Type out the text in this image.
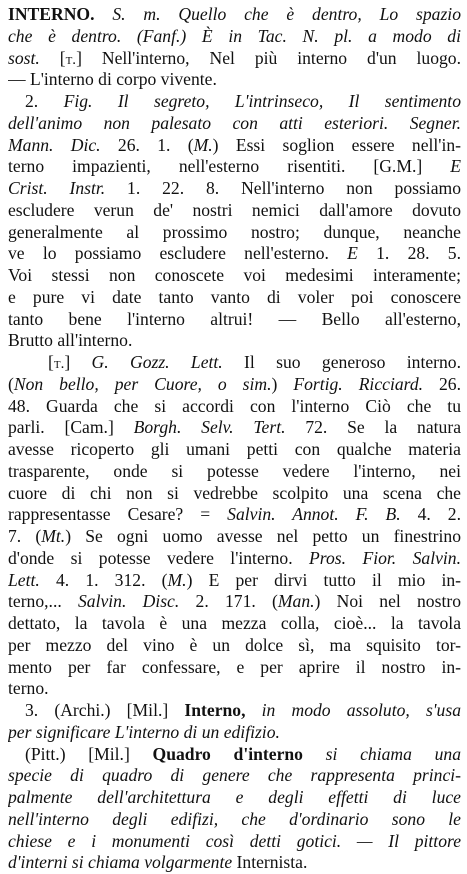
INTERNO. S. m. Quello che è dentro, Lo spazio
che è dentro. (Fanf.) È in Tac. N. pl. a modo di
sost. [t.] Nell'interno, Nel più interno d'un luogo.
— L'interno di corpo vivente.
2. Fig. Il segreto, L'intrinseco, Il sentimento
dell'animo non palesato con atti esteriori. Segner.
Mann. Dic. 26. 1. (M.) Essi soglion essere nell'in-
terno impazienti, nell'esterno risentiti. [G.M.] E
Crist. Instr. 1. 22. 8. Nell'interno non possiamo
escludere verun de' nostri nemici dall'amore dovuto
generalmente al prossimo nostro; dunque, neanche
ve lo possiamo escludere nell'esterno. E 1. 28. 5.
Voi stessi non conoscete voi medesimi interamente;
e pure vi date tanto vanto di voler poi conoscere
tanto bene l'interno altrui! — Bello all'esterno,
Brutto all'interno.
[t.] G. Gozz. Lett. Il suo generoso interno.
(Non bello, per Cuore, o sim.) Fortig. Ricciard. 26.
48. Guarda che si accordi con l'interno Ciò che tu
parli. [Cam.] Borgh. Selv. Tert. 72. Se la natura
avesse ricoperto gli umani petti con qualche materia
trasparente, onde si potesse vedere l'interno, nei
cuore di chi non si vedrebbe scolpito una scena che
rappresentasse Cesare? = Salvin. Annot. F. B. 4. 2.
7. (Mt.) Se ogni uomo avesse nel petto un finestrino
d'onde si potesse vedere l'interno. Pros. Fior. Salvin.
Lett. 4. 1. 312. (M.) E per dirvi tutto il mio in-
terno,... Salvin. Disc. 2. 171. (Man.) Noi nel nostro
dettato, la tavola è una mezza colla, cioè... la tavola
per mezzo del vino è un dolce sì, ma squisito tor-
mento per far confessare, e per aprire il nostro in-
terno.
3. (Archi.) [Mil.] Interno, in modo assoluto, s'usa
per significare L'interno di un edifizio.
(Pitt.) [Mil.] Quadro d'interno si chiama una
specie di quadro di genere che rappresenta princi-
palmente dell'architettura e degli effetti di luce
nell'interno degli edifizi, che d'ordinario sono le
chiese e i monumenti così detti gotici. — Il pittore
d'interni si chiama volgarmente Internista.
